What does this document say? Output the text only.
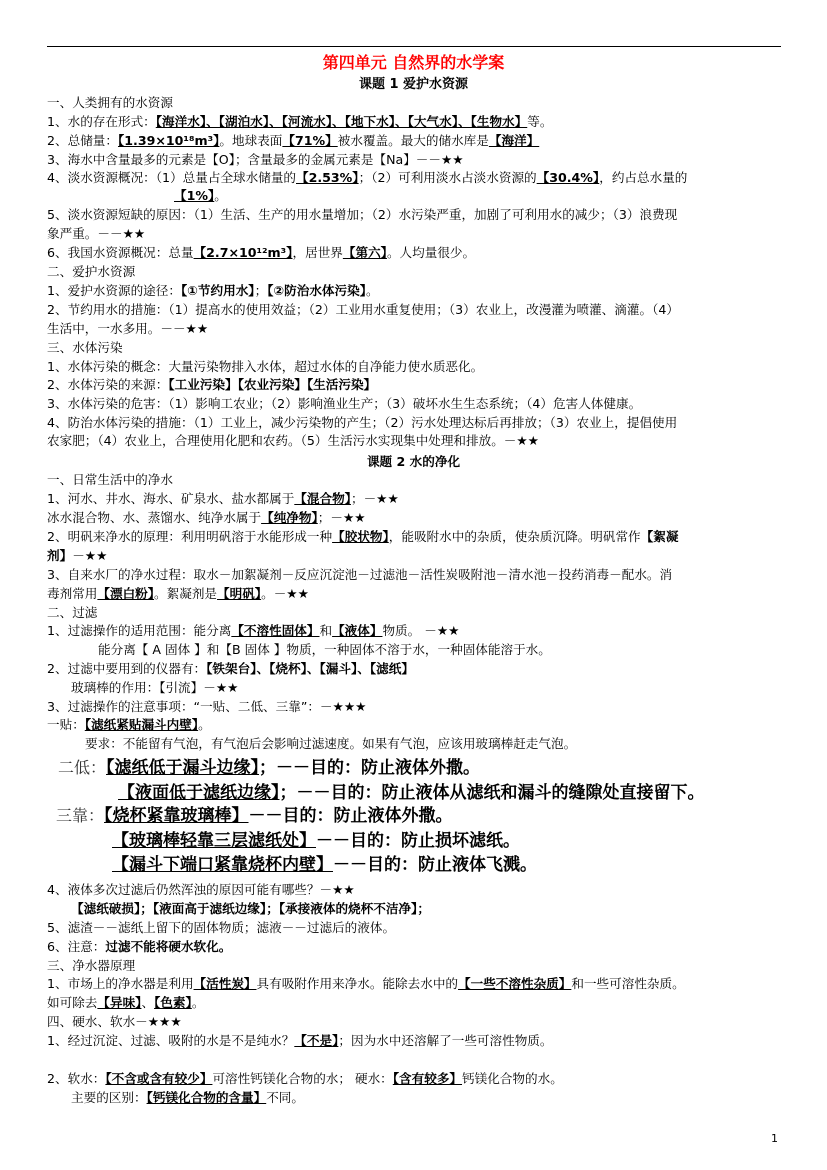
第四单元 自然界的水学案
课题 1 爱护水资源
一、人类拥有的水资源
1、水的存在形式：【海洋水】、【湖泊水】、【河流水】、【地下水】、【大气水】、【生物水】等。
2、总储量：【1.39×10¹⁸m³】。地球表面【71%】被水覆盖。最大的储水库是【海洋】
3、海水中含量最多的元素是【O】；含量最多的金属元素是【Na】－－★★
4、淡水资源概况：（1）总量占全球水储量的【2.53%】；（2）可利用淡水占淡水资源的【30.4%】，约占总水量的
【1%】。
5、淡水资源短缺的原因：（1）生活、生产的用水量增加；（2）水污染严重，加剧了可利用水的减少；（3）浪费现
象严重。－－★★
6、我国水资源概况：总量【2.7×10¹²m³】，居世界【第六】。人均量很少。
二、爱护水资源
1、爱护水资源的途径：【①节约用水】；【②防治水体污染】。
2、节约用水的措施：（1）提高水的使用效益；（2）工业用水重复使用；（3）农业上，改漫灌为喷灌、滴灌。（4）
生活中，一水多用。－－★★
三、水体污染
1、水体污染的概念：大量污染物排入水体，超过水体的自净能力使水质恶化。
2、水体污染的来源：【工业污染】【农业污染】【生活污染】
3、水体污染的危害：（1）影响工农业；（2）影响渔业生产；（3）破坏水生生态系统；（4）危害人体健康。
4、防治水体污染的措施：（1）工业上，减少污染物的产生；（2）污水处理达标后再排放；（3）农业上，提倡使用
农家肥；（4）农业上，合理使用化肥和农药。（5）生活污水实现集中处理和排放。－★★
课题 2 水的净化
一、日常生活中的净水
1、河水、井水、海水、矿泉水、盐水都属于【混合物】；－★★
冰水混合物、水、蒸馏水、纯净水属于【纯净物】；－★★
2、明矾来净水的原理：利用明矾溶于水能形成一种【胶状物】，能吸附水中的杂质，使杂质沉降。明矾常作【絮凝
剂】－★★
3、自来水厂的净水过程：取水－加絮凝剂－反应沉淀池－过滤池－活性炭吸附池－清水池－投药消毒－配水。消
毒剂常用【漂白粉】。絮凝剂是【明矾】。－★★
二、过滤
1、过滤操作的适用范围：能分离【不溶性固体】和【液体】物质。 －★★
能分离【 A 固体 】和【B 固体 】物质，一种固体不溶于水，一种固体能溶于水。
2、过滤中要用到的仪器有：【铁架台】、【烧杯】、【漏斗】、【滤纸】
玻璃棒的作用：【引流】－★★
3、过滤操作的注意事项：“一贴、二低、三靠”：－★★★
一贴：【滤纸紧贴漏斗内壁】。
要求：不能留有气泡，有气泡后会影响过滤速度。如果有气泡，应该用玻璃棒赶走气泡。
二低：【滤纸低于漏斗边缘】；－－目的：防止液体外撒。
【液面低于滤纸边缘】；－－目的：防止液体从滤纸和漏斗的缝隙处直接留下。
三靠：【烧杯紧靠玻璃棒】－－目的：防止液体外撒。
【玻璃棒轻靠三层滤纸处】－－目的：防止损坏滤纸。
【漏斗下端口紧靠烧杯内壁】－－目的：防止液体飞溅。
4、液体多次过滤后仍然浑浊的原因可能有哪些？－★★
【滤纸破损】；【液面高于滤纸边缘】；【承接液体的烧杯不洁净】；
5、滤渣－－滤纸上留下的固体物质；滤液－－过滤后的液体。
6、注意：过滤不能将硬水软化。
三、净水器原理
1、市场上的净水器是利用【活性炭】具有吸附作用来净水。能除去水中的【一些不溶性杂质】和一些可溶性杂质。
如可除去【异味】、【色素】。
四、硬水、软水－★★★
1、经过沉淀、过滤、吸附的水是不是纯水？【不是】；因为水中还溶解了一些可溶性物质。
2、软水：【不含或含有较少】可溶性钙镁化合物的水； 硬水：【含有较多】钙镁化合物的水。
主要的区别：【钙镁化合物的含量】不同。
1
